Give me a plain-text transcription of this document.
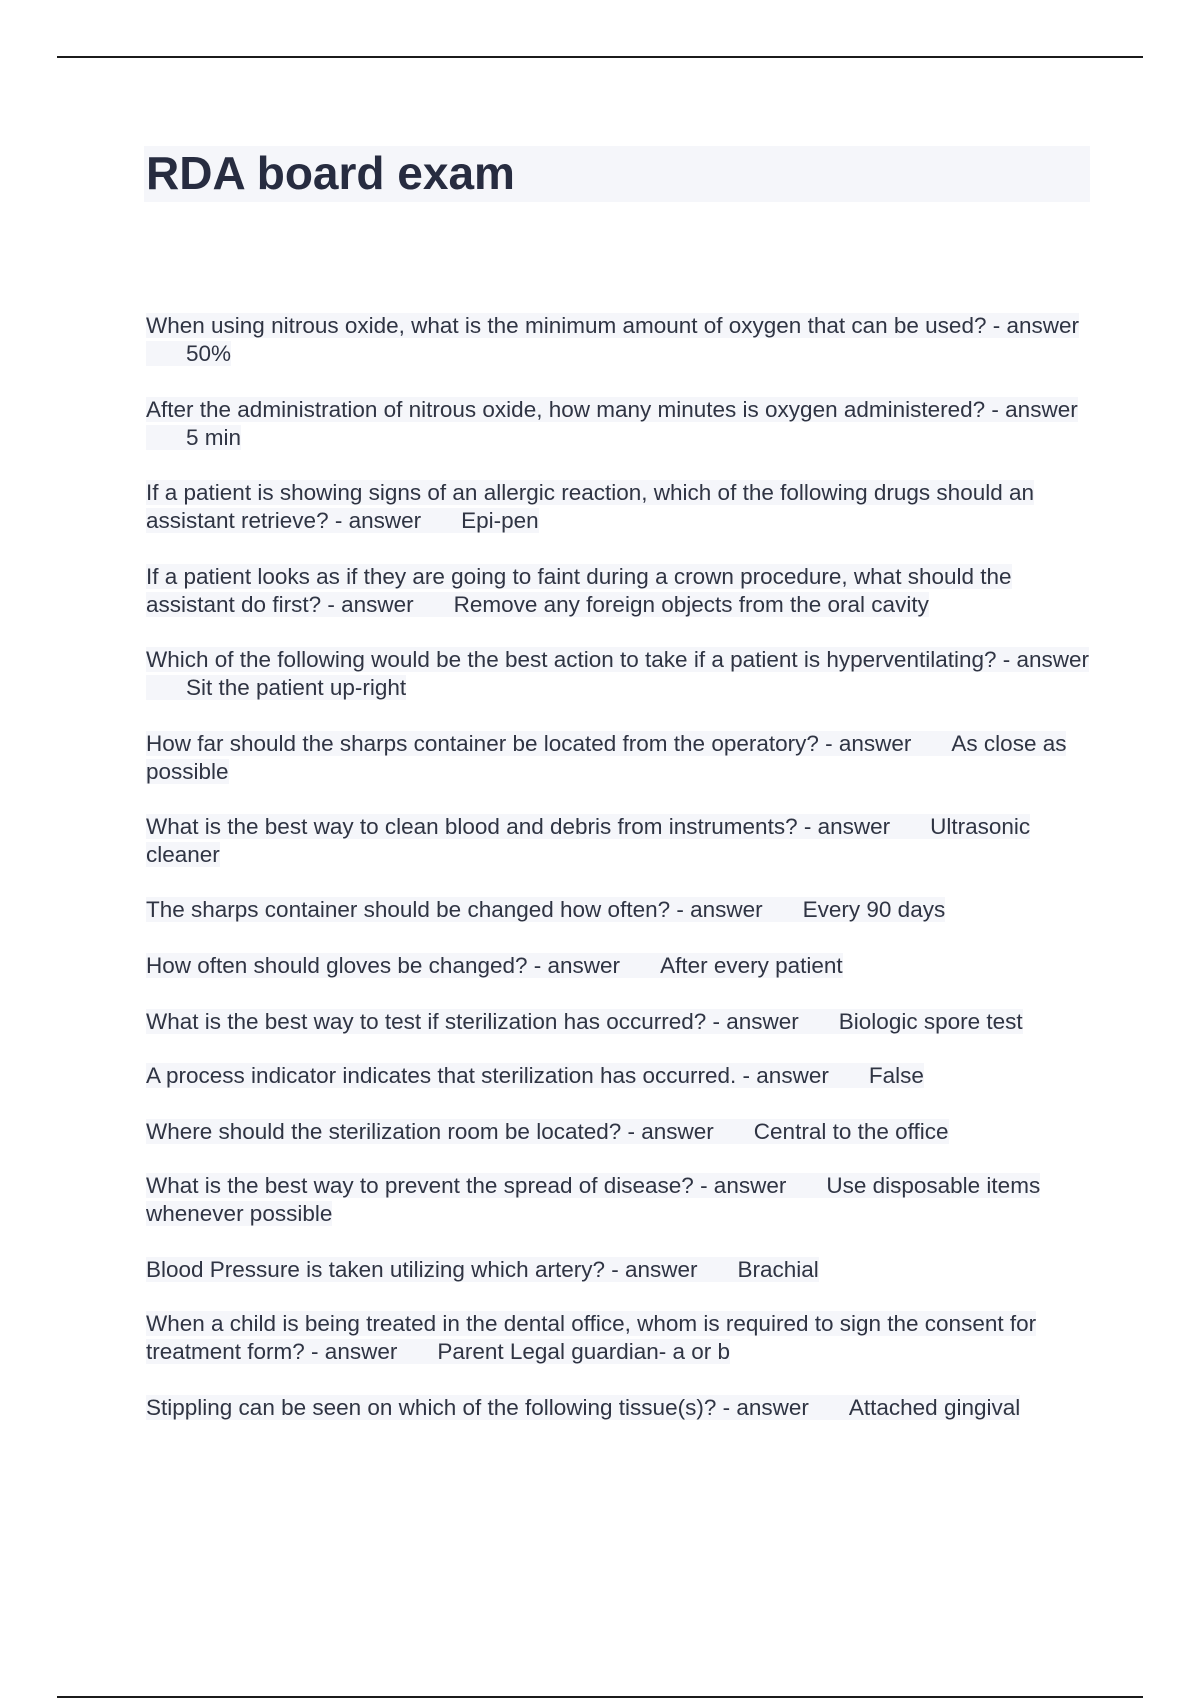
RDA board exam
When using nitrous oxide, what is the minimum amount of oxygen that can be used? - answer50%
After the administration of nitrous oxide, how many minutes is oxygen administered? - answer5 min
If a patient is showing signs of an allergic reaction, which of the following drugs should an assistant retrieve? - answer Epi-pen
If a patient looks as if they are going to faint during a crown procedure, what should the assistant do first? - answer Remove any foreign objects from the oral cavity
Which of the following would be the best action to take if a patient is hyperventilating? - answerSit the patient up-right
How far should the sharps container be located from the operatory? - answer As close as possible
What is the best way to clean blood and debris from instruments? - answer Ultrasonic cleaner
The sharps container should be changed how often? - answer Every 90 days
How often should gloves be changed? - answer After every patient
What is the best way to test if sterilization has occurred? - answer Biologic spore test
A process indicator indicates that sterilization has occurred. - answer False
Where should the sterilization room be located? - answer Central to the office
What is the best way to prevent the spread of disease? - answer Use disposable items whenever possible
Blood Pressure is taken utilizing which artery? - answer Brachial
When a child is being treated in the dental office, whom is required to sign the consent for treatment form? - answer Parent Legal guardian- a or b
Stippling can be seen on which of the following tissue(s)? - answer Attached gingival
